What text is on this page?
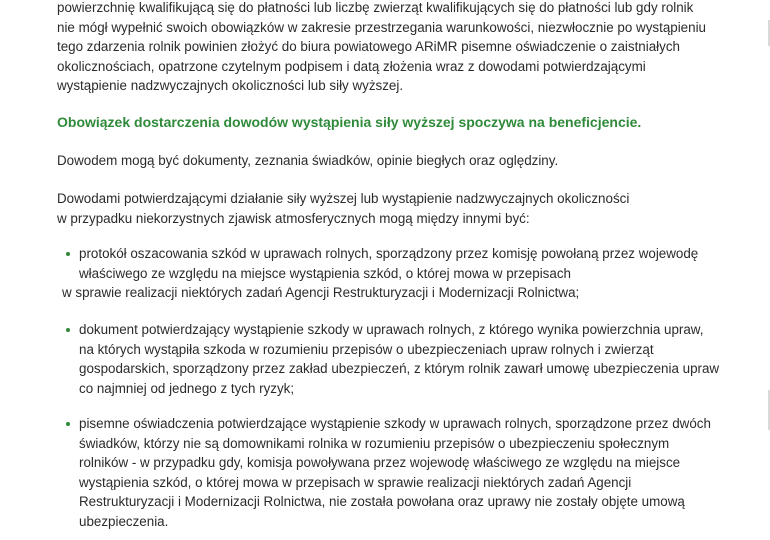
powierzchnię kwalifikującą się do płatności lub liczbę zwierząt kwalifikujących się do płatności lub gdy rolnik
nie mógł wypełnić swoich obowiązków w zakresie przestrzegania warunkowości, niezwłocznie po wystąpieniu
tego zdarzenia rolnik powinien złożyć do biura powiatowego ARiMR pisemne oświadczenie o zaistniałych
okolicznościach, opatrzone czytelnym podpisem i datą złożenia wraz z dowodami potwierdzającymi
wystąpienie nadzwyczajnych okoliczności lub siły wyższej.
Obowiązek dostarczenia dowodów wystąpienia siły wyższej spoczywa na beneficjencie.
Dowodem mogą być dokumenty, zeznania świadków, opinie biegłych oraz oględziny.
Dowodami potwierdzającymi działanie siły wyższej lub wystąpienie nadzwyczajnych okoliczności
w przypadku niekorzystnych zjawisk atmosferycznych mogą między innymi być:
protokół oszacowania szkód w uprawach rolnych, sporządzony przez komisję powołaną przez wojewodę
właściwego ze względu na miejsce wystąpienia szkód, o której mowa w przepisach
w sprawie realizacji niektórych zadań Agencji Restrukturyzacji i Modernizacji Rolnictwa;
dokument potwierdzający wystąpienie szkody w uprawach rolnych, z którego wynika powierzchnia upraw,
na których wystąpiła szkoda w rozumieniu przepisów o ubezpieczeniach upraw rolnych i zwierząt
gospodarskich, sporządzony przez zakład ubezpieczeń, z którym rolnik zawarł umowę ubezpieczenia upraw
co najmniej od jednego z tych ryzyk;
pisemne oświadczenia potwierdzające wystąpienie szkody w uprawach rolnych, sporządzone przez dwóch
świadków, którzy nie są domownikami rolnika w rozumieniu przepisów o ubezpieczeniu społecznym
rolników - w przypadku gdy, komisja powoływana przez wojewodę właściwego ze względu na miejsce
wystąpienia szkód, o której mowa w przepisach w sprawie realizacji niektórych zadań Agencji
Restrukturyzacji i Modernizacji Rolnictwa, nie została powołana oraz uprawy nie zostały objęte umową
ubezpieczenia.
